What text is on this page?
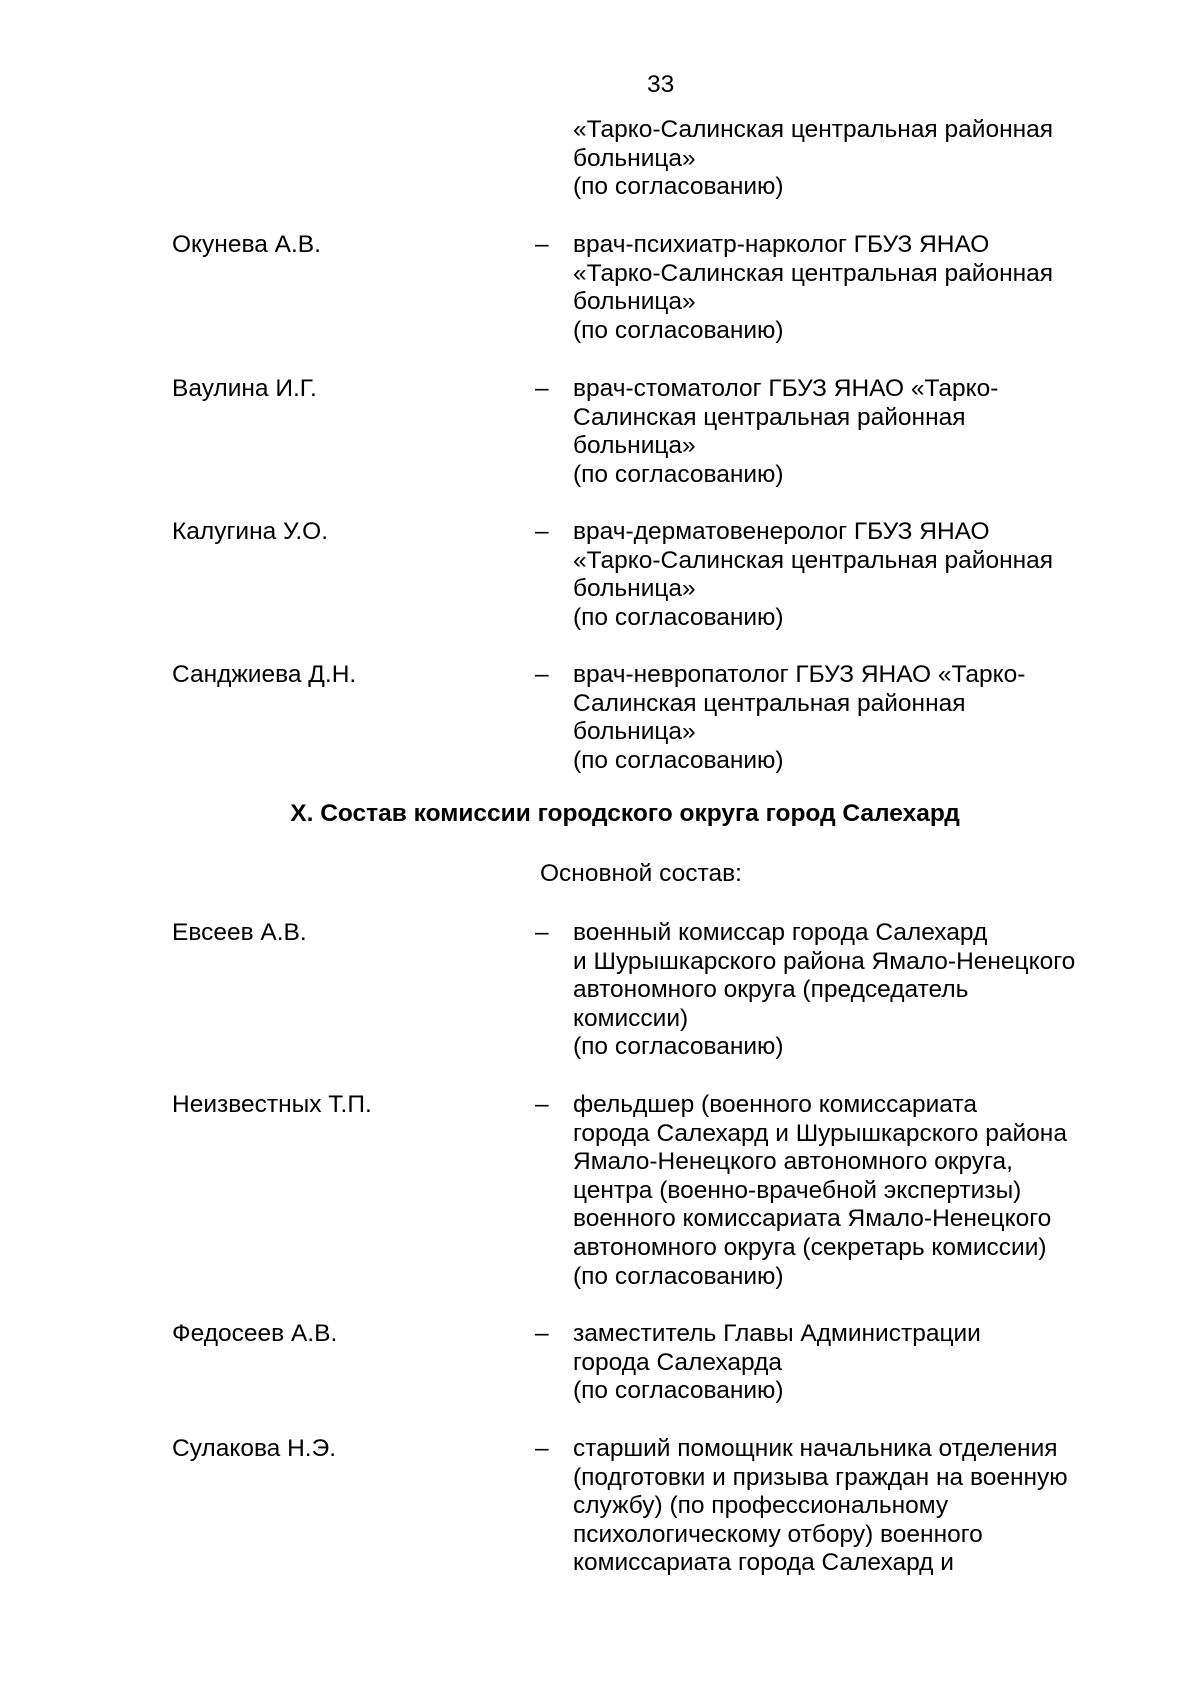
33
«Тарко-Салинская центральная районная
больница»
(по согласованию)
Окунева А.В.	– врач-психиатр-нарколог ГБУЗ ЯНАО
«Тарко-Салинская центральная районная
больница»
(по согласованию)
Ваулина И.Г.	– врач-стоматолог ГБУЗ ЯНАО «Тарко-
Салинская центральная районная
больница»
(по согласованию)
Калугина У.О.	– врач-дерматовенеролог ГБУЗ ЯНАО
«Тарко-Салинская центральная районная
больница»
(по согласованию)
Санджиева Д.Н.	– врач-невропатолог ГБУЗ ЯНАО «Тарко-
Салинская центральная районная
больница»
(по согласованию)
X. Состав комиссии городского округа город Салехард
Основной состав:
Евсеев А.В.	– военный комиссар города Салехард
и Шурышкарского района Ямало-Ненецкого
автономного округа (председатель
комиссии)
(по согласованию)
Неизвестных Т.П.	– фельдшер (военного комиссариата
города Салехард и Шурышкарского района
Ямало-Ненецкого автономного округа,
центра (военно-врачебной экспертизы)
военного комиссариата Ямало-Ненецкого
автономного округа (секретарь комиссии)
(по согласованию)
Федосеев А.В.	– заместитель Главы Администрации
города Салехарда
(по согласованию)
Сулакова Н.Э.	– старший помощник начальника отделения
(подготовки и призыва граждан на военную
службу) (по профессиональному
психологическому отбору) военного
комиссариата города Салехард и
